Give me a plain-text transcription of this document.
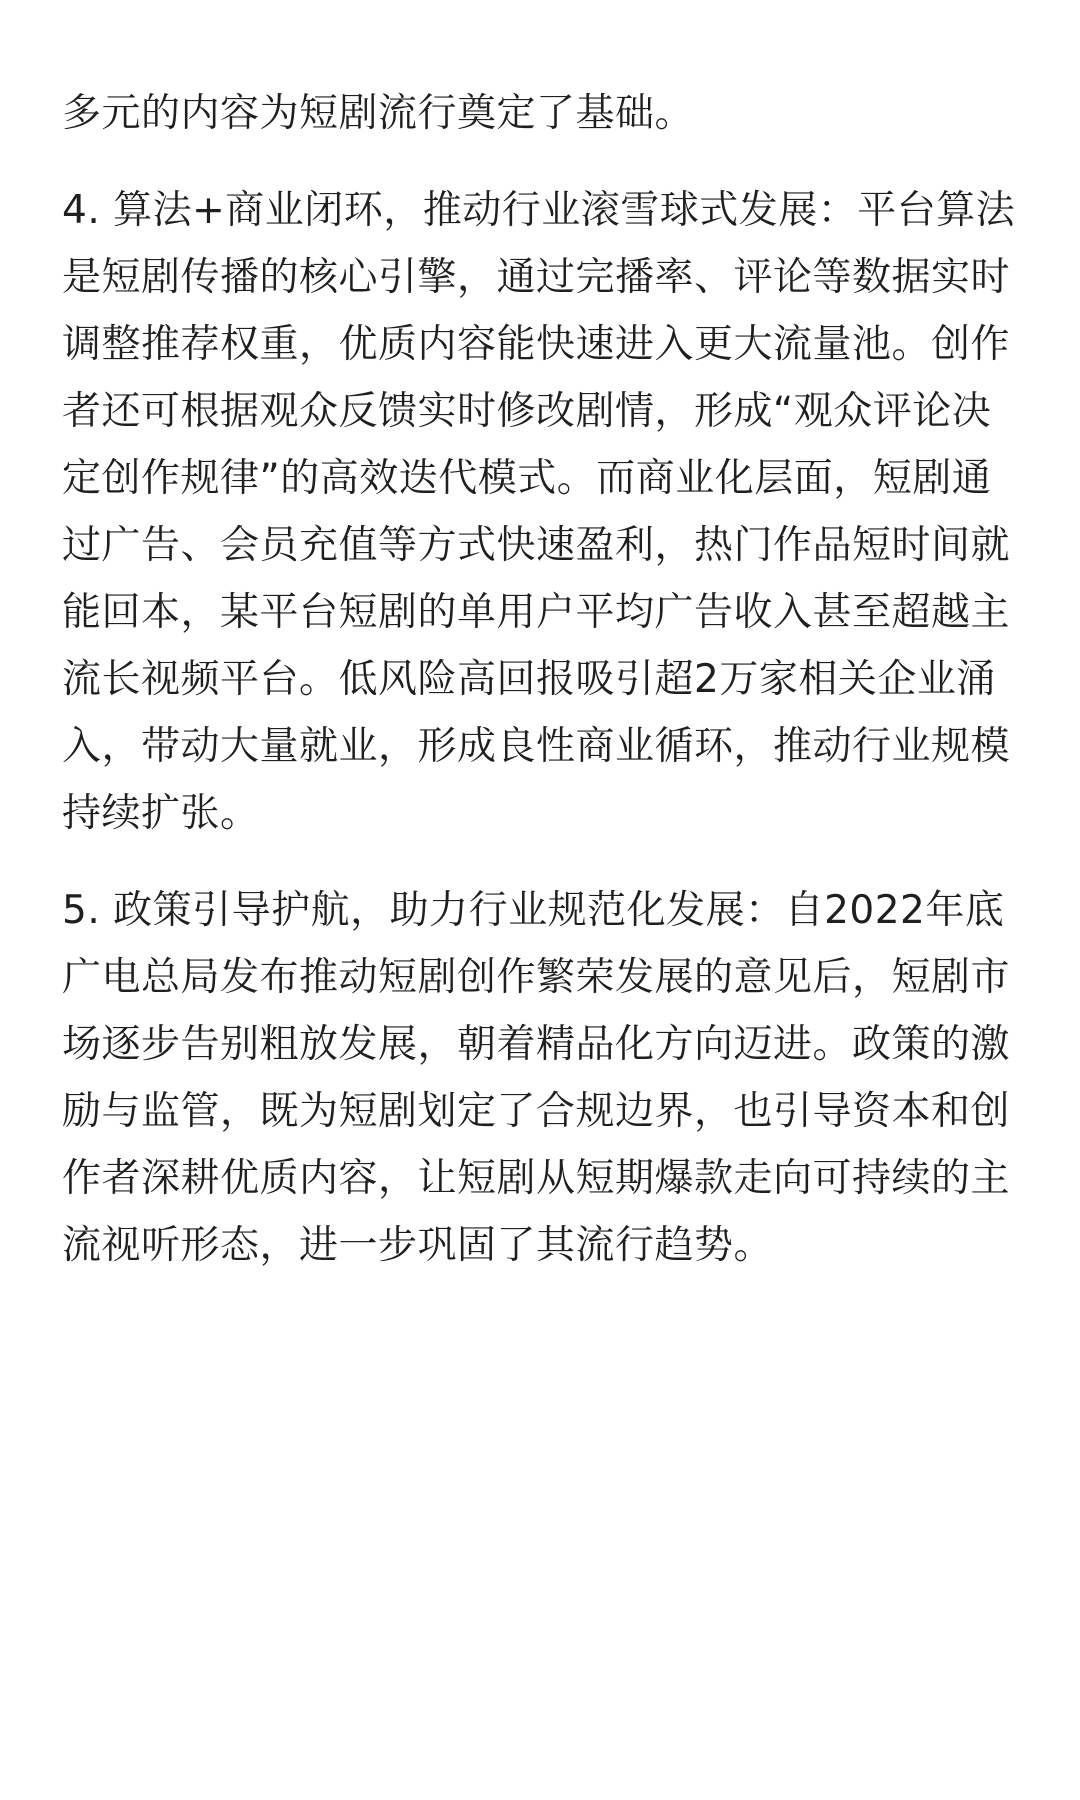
多元的内容为短剧流行奠定了基础。

4. 算法+商业闭环，推动行业滚雪球式发展：平台算法是短剧传播的核心引擎，通过完播率、评论等数据实时调整推荐权重，优质内容能快速进入更大流量池。创作者还可根据观众反馈实时修改剧情，形成“观众评论决定创作规律”的高效迭代模式。而商业化层面，短剧通过广告、会员充值等方式快速盈利，热门作品短时间就能回本，某平台短剧的单用户平均广告收入甚至超越主流长视频平台。低风险高回报吸引超2万家相关企业涌入，带动大量就业，形成良性商业循环，推动行业规模持续扩张。

5. 政策引导护航，助力行业规范化发展：自2022年底广电总局发布推动短剧创作繁荣发展的意见后，短剧市场逐步告别粗放发展，朝着精品化方向迈进。政策的激励与监管，既为短剧划定了合规边界，也引导资本和创作者深耕优质内容，让短剧从短期爆款走向可持续的主流视听形态，进一步巩固了其流行趋势。
